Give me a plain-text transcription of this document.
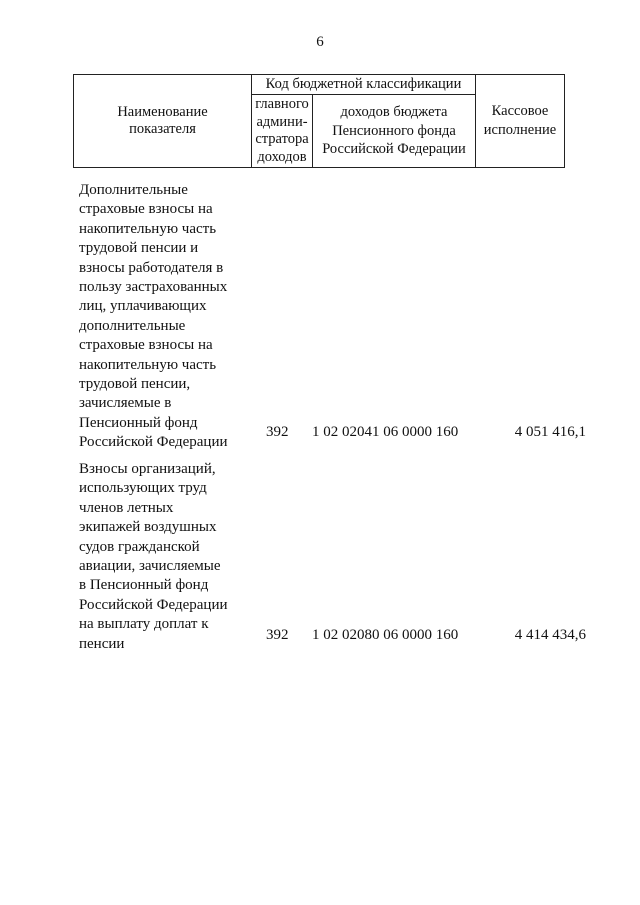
6
Наименование
показателя
Код бюджетной классификации
главного
админи-
стратора
доходов
доходов бюджета
Пенсионного фонда
Российской Федерации
Кассовое
исполнение
Дополнительные
страховые взносы на
накопительную часть
трудовой пенсии и
взносы работодателя в
пользу застрахованных
лиц, уплачивающих
дополнительные
страховые взносы на
накопительную часть
трудовой пенсии,
зачисляемые в
Пенсионный фонд
Российской Федерации
392 1 02 02041 06 0000 160	4 051 416,1
Взносы организаций,
использующих труд
членов летных
экипажей воздушных
судов гражданской
авиации, зачисляемые
в Пенсионный фонд
Российской Федерации
на выплату доплат к
пенсии
392 1 02 02080 06 0000 160	4 414 434,6
